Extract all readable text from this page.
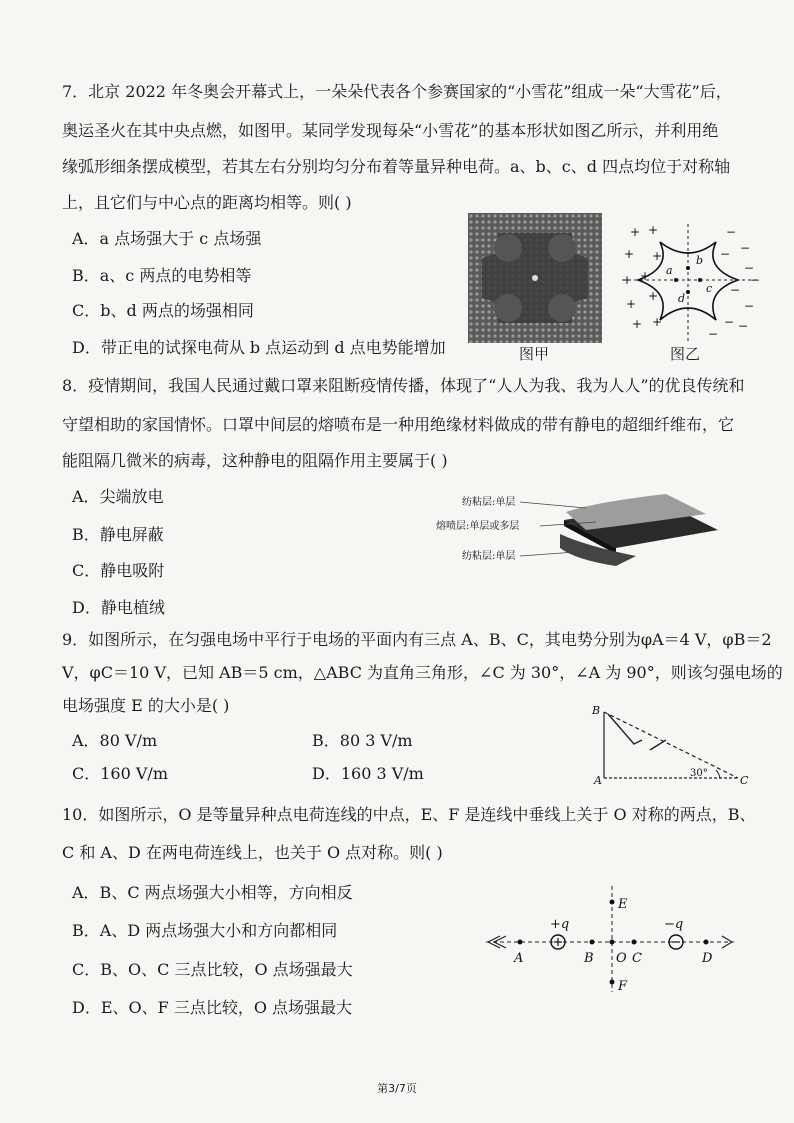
7．北京 2022 年冬奥会开幕式上，一朵朵代表各个参赛国家的“小雪花”组成一朵“大雪花”后，
奥运圣火在其中央点燃，如图甲。某同学发现每朵“小雪花”的基本形状如图乙所示，并利用绝
缘弧形细条摆成模型，若其左右分别均匀分布着等量异种电荷。a、b、c、d 四点均位于对称轴
上，且它们与中心点的距离均相等。则( )
A．a 点场强大于 c 点场强
B．a、c 两点的电势相等
C．b、d 两点的场强相同
D．带正电的试探电荷从 b 点运动到 d 点电势能增加	图甲
+ +
+ +
+ +
+
+
+ +
−
−
−
−
−
−
−
− −
−
a
b
c
d
图乙
8．疫情期间，我国人民通过戴口罩来阻断疫情传播，体现了“人人为我、我为人人”的优良传统和
守望相助的家国情怀。口罩中间层的熔喷布是一种用绝缘材料做成的带有静电的超细纤维布，它
能阻隔几微米的病毒，这种静电的阻隔作用主要属于( )
A．尖端放电
B．静电屏蔽
C．静电吸附
D．静电植绒
纺粘层:单层
熔喷层:单层或多层
纺粘层:单层
9．如图所示，在匀强电场中平行于电场的平面内有三点 A、B、C，其电势分别为φA＝4 V，φB＝2
V，φC＝10 V，已知 AB＝5 cm，△ABC 为直角三角形，∠C 为 30°，∠A 为 90°，则该匀强电场的
电场强度 E 的大小是( )
A．80 V/m	B．80 3 V/m
C．160 V/m	D．160 3 V/m
B
A	C
30°
10．如图所示，O 是等量异种点电荷连线的中点，E、F 是连线中垂线上关于 O 对称的两点，B、
C 和 A、D 在两电荷连线上，也关于 O 点对称。则( )
A．B、C 两点场强大小相等，方向相反
B．A、D 两点场强大小和方向都相同
C．B、O、C 三点比较，O 点场强最大
D．E、O、F 三点比较，O 点场强最大
+q	−q
A	B O C	D
E
F
第3/7页
